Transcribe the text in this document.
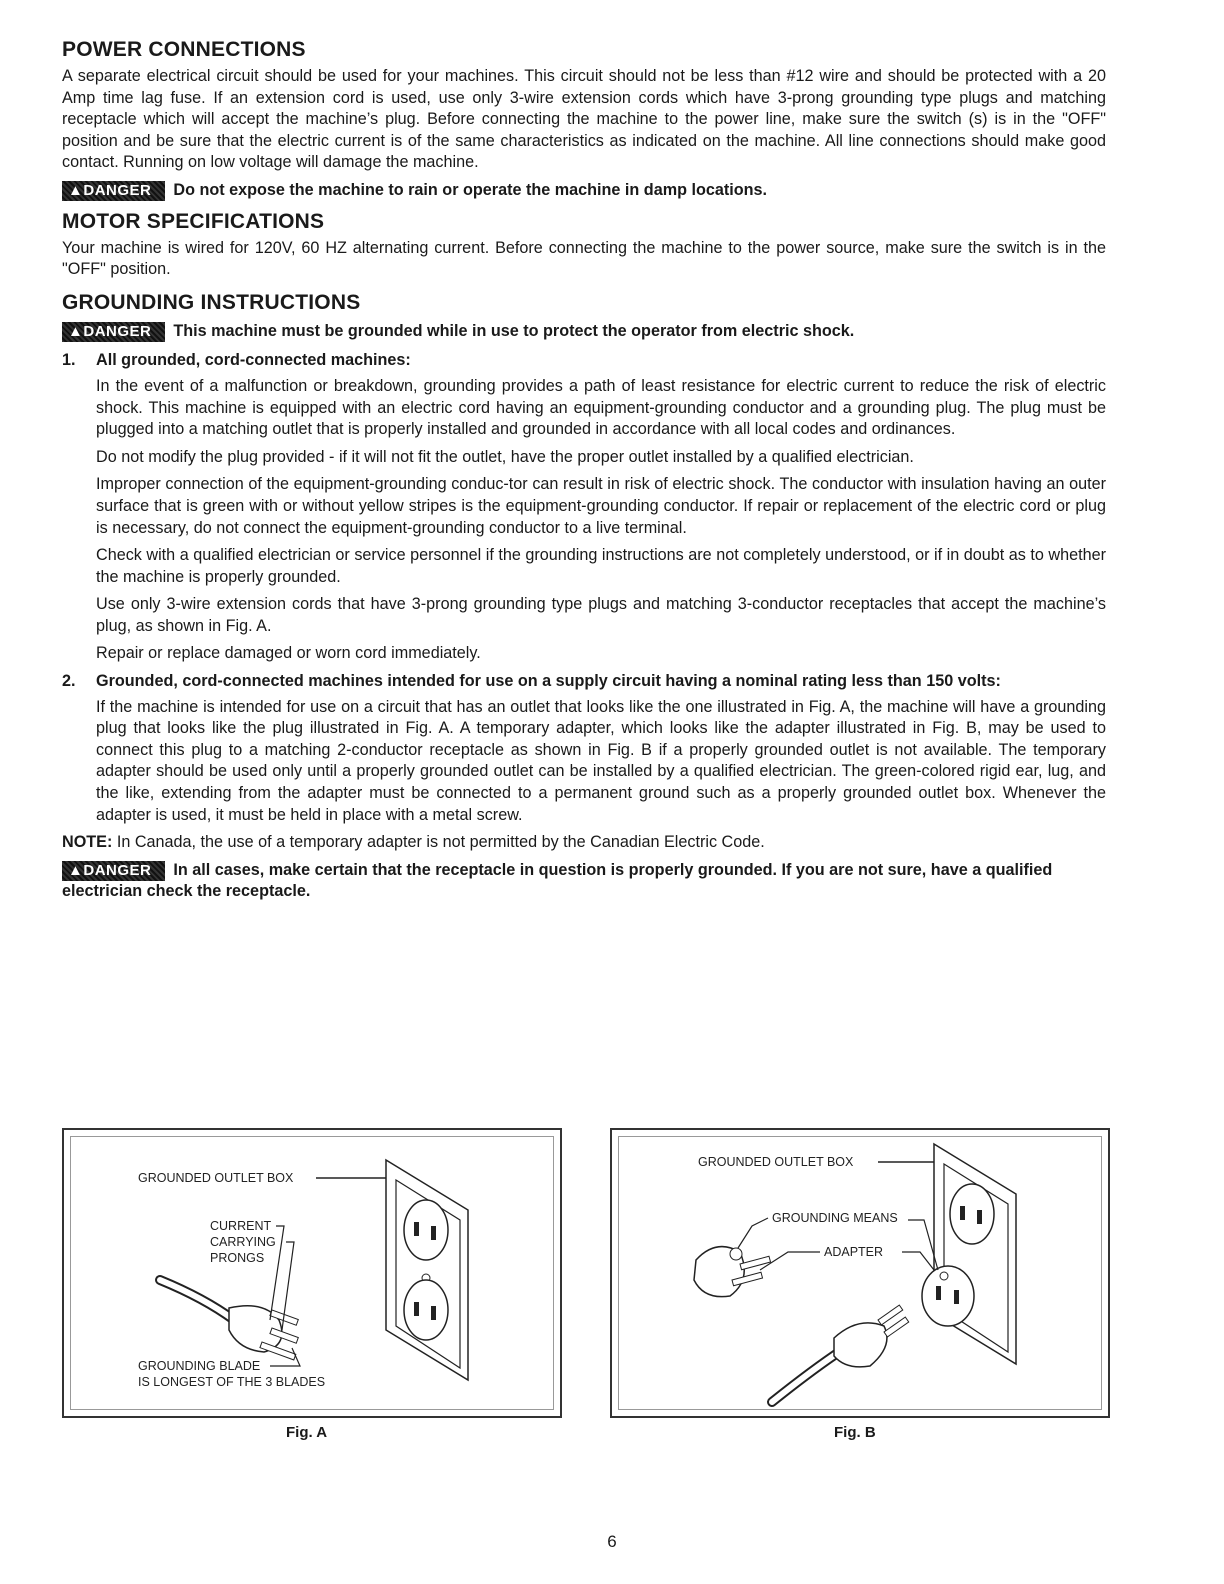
POWER CONNECTIONS

A separate electrical circuit should be used for your machines. This circuit should not be less than #12 wire and should be protected with a 20 Amp time lag fuse. If an extension cord is used, use only 3-wire extension cords which have 3-prong grounding type plugs and matching receptacle which will accept the machine’s plug. Before connecting the machine to the power line, make sure the switch (s) is in the "OFF" position and be sure that the electric current is of the same characteristics as indicated on the machine. All line connections should make good contact. Running on low voltage will damage the machine.

▲DANGER Do not expose the machine to rain or operate the machine in damp locations.
MOTOR SPECIFICATIONS

Your machine is wired for 120V, 60 HZ alternating current. Before connecting the machine to the power source, make sure the switch is in the "OFF" position.

GROUNDING INSTRUCTIONS
▲DANGER This machine must be grounded while in use to protect the operator from electric shock.
1.	All grounded, cord-connected machines:

In the event of a malfunction or breakdown, grounding provides a path of least resistance for electric current to reduce the risk of electric shock. This machine is equipped with an electric cord having an equipment-grounding conductor and a grounding plug. The plug must be plugged into a matching outlet that is properly installed and grounded in accordance with all local codes and ordinances.

Do not modify the plug provided - if it will not fit the outlet, have the proper outlet installed by a qualified electrician.

Improper connection of the equipment-grounding conduc-tor can result in risk of electric shock. The conductor with insulation having an outer surface that is green with or without yellow stripes is the equipment-grounding conductor. If repair or replacement of the electric cord or plug is necessary, do not connect the equipment-grounding conductor to a live terminal.

Check with a qualified electrician or service personnel if the grounding instructions are not completely understood, or if in doubt as to whether the machine is properly grounded.

Use only 3-wire extension cords that have 3-prong grounding type plugs and matching 3-conductor receptacles that accept the machine’s plug, as shown in Fig. A.

Repair or replace damaged or worn cord immediately.

2.	Grounded, cord-connected machines intended for use on a supply circuit having a nominal rating less than 150 volts:

If the machine is intended for use on a circuit that has an outlet that looks like the one illustrated in Fig. A, the machine will have a grounding plug that looks like the plug illustrated in Fig. A. A temporary adapter, which looks like the adapter illustrated in Fig. B, may be used to connect this plug to a matching 2-conductor receptacle as shown in Fig. B if a properly grounded outlet is not available. The temporary adapter should be used only until a properly grounded outlet can be installed by a qualified electrician. The green-colored rigid ear, lug, and the like, extending from the adapter must be connected to a permanent ground such as a properly grounded outlet box. Whenever the adapter is used, it must be held in place with a metal screw.

NOTE: In Canada, the use of a temporary adapter is not permitted by the Canadian Electric Code.

▲DANGER In all cases, make certain that the receptacle in question is properly grounded. If you are not sure, have a qualified electrician check the receptacle.
GROUNDED OUTLET BOX
CURRENT
CARRYING
PRONGS
GROUNDING BLADE
IS LONGEST OF THE 3 BLADES
Fig. A
GROUNDED OUTLET BOX
GROUNDING MEANS
ADAPTER
Fig. B
6
